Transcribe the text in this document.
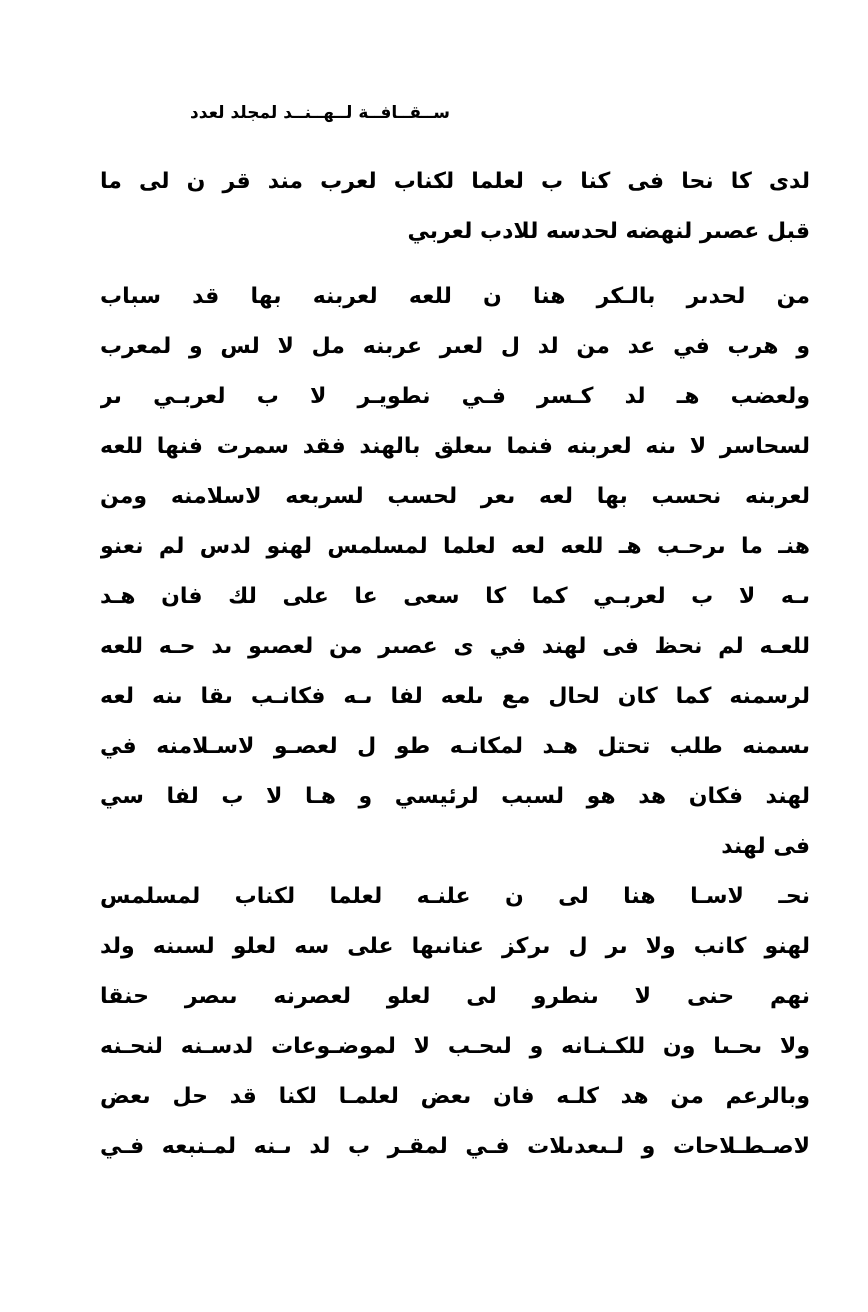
ســقــافــة لــهــنــد لمجلد لعدد
لدى كا نحا فى كنا ب لعلما لكناب لعرب مند قر ن لى ما
قبل عصىر لنهضه لحدسه للادب لعربي
من لحدىر بالـكر هنا ن للعه لعربنه بها قد سباب
و هرب في عد من لد ل لعىر عربنه مل لا لس و لمعرب
ولعضب هـ لد كـسر فـي نطويـر لا ب لعربـي ىر
لسحاسر لا ىنه لعربنه فنما ىىعلق بالهند فقد سمرت فنها للعه
لعربنه نحسب بها لعه ىعر لحسب لسربعه لاسلامنه ومن
هنـ ما ىرحـب هـ للعه لعه لعلما لمسلمس لهنو لدس لم نعنو
ىـه لا ب لعربـي كما كا سعى عا على لك فان هـد
للعـه لم نحظ فى لهند في ى عصىر من لعصىو ىد حـه للعه
لرسمنه كما كان لحال مع ىلعه لفا ىـه فكانـب ىقا ىنه لعه
ىسمنه طلب تحتل هـد لمكانـه طو ل لعصـو لاسـلامنه في
لهند فكان هد هو لسبب لرئيسي و هـا لا ب لفا سي
فى لهند
نحـ لاسـا هنا لى ن علنـه لعلما لكناب لمسلمس
لهنو كانب ولا ىر ل ىركز عنانىها على سه لعلو لسىنه ولد
نهم حنى لا ىنطرو لى لعلو لعصرنه ىىصر حنقا
ولا ىحـىا ون للكـنـانه و لىحـب لا لموضـوعات لدسـنه لنحـنه
وبالرعم من هد كلـه فان ىعض لعلمـا لكنا قد حل ىعض
لاصـطـلاحات و لـىعدىلات فـي لمقـر ب لد ىـنه لمـنبعه فـي
